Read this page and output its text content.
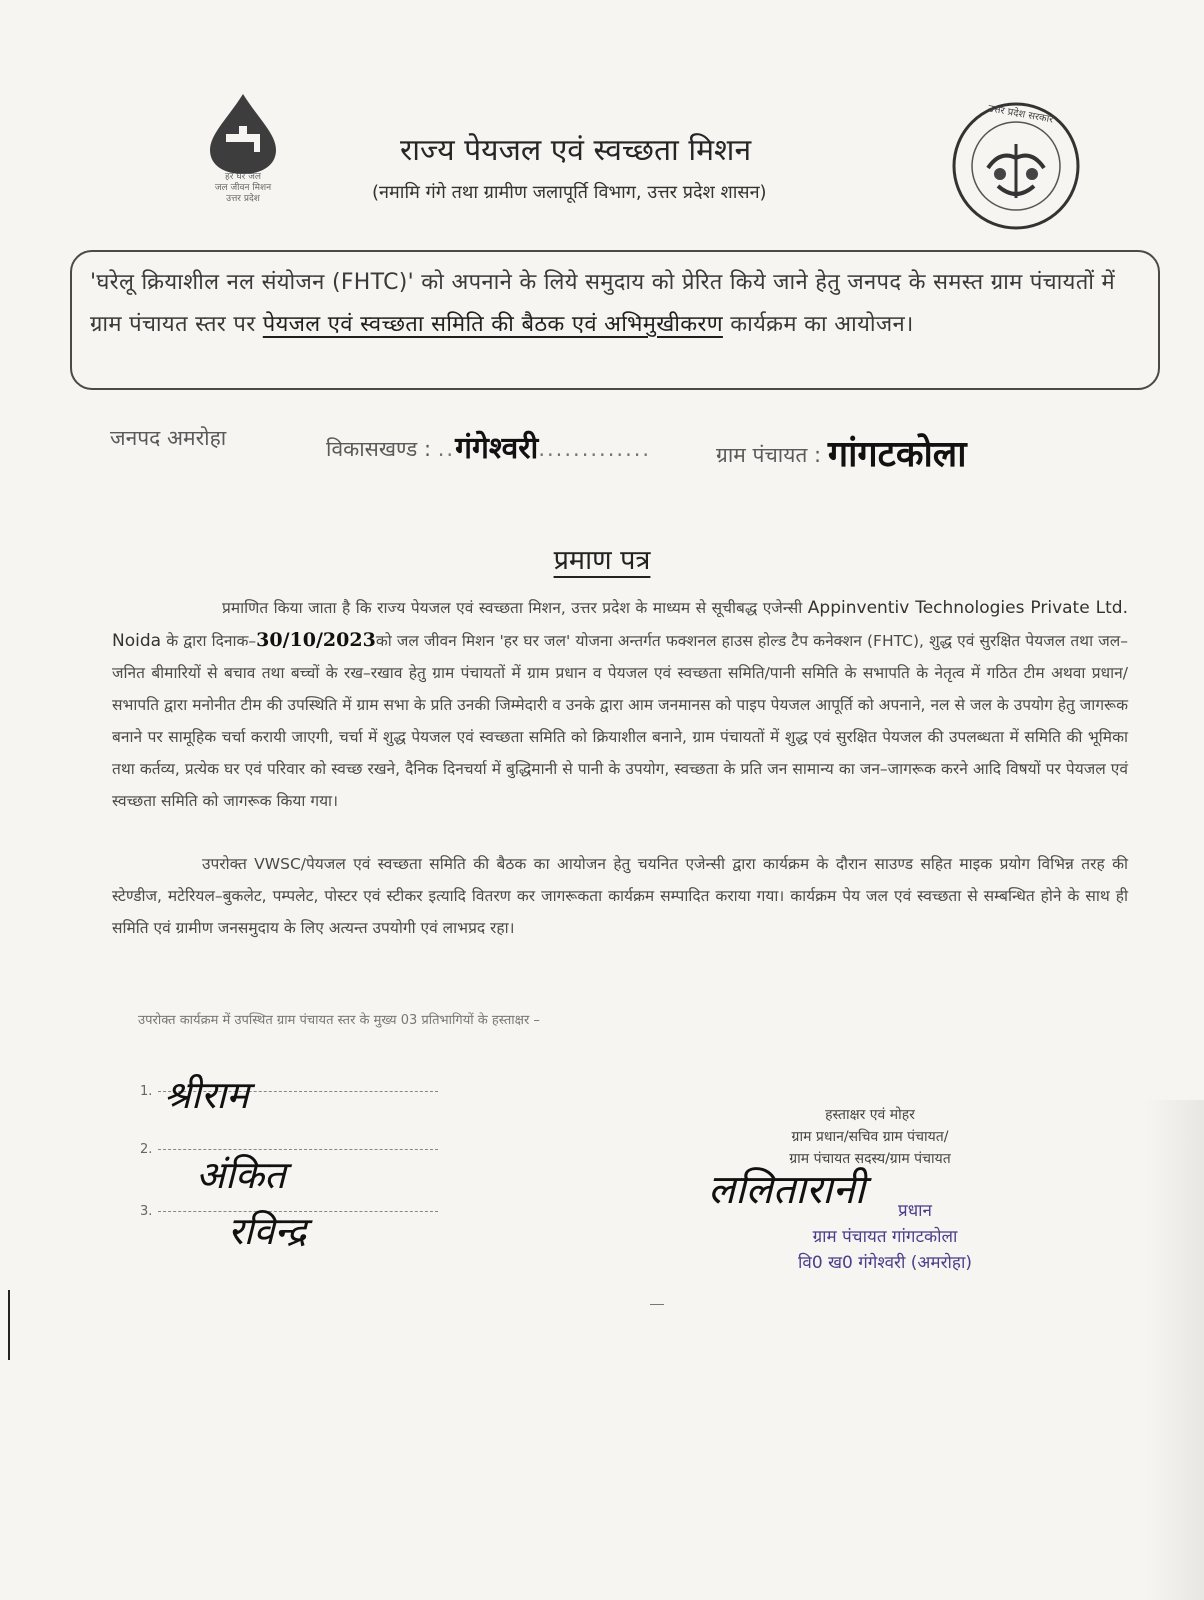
हर घर जल
जल जीवन मिशन
उत्तर प्रदेश
राज्य पेयजल एवं स्वच्छता मिशन
(नमामि गंगे तथा ग्रामीण जलापूर्ति विभाग, उत्तर प्रदेश शासन)
उत्तर प्रदेश सरकार
'घरेलू क्रियाशील नल संयोजन (FHTC)' को अपनाने के लिये समुदाय को प्रेरित किये जाने हेतु जनपद के समस्त ग्राम पंचायतों में ग्राम पंचायत स्तर पर पेयजल एवं स्वच्छता समिति की बैठक एवं अभिमुखीकरण कार्यक्रम का आयोजन।
जनपद अमरोहा	विकासखण्ड : ..गंगेश्वरी.............	ग्राम पंचायत : गांगटकोला
प्रमाण पत्र
प्रमाणित किया जाता है कि राज्य पेयजल एवं स्वच्छता मिशन, उत्तर प्रदेश के माध्यम से सूचीबद्ध एजेन्सी Appinventiv Technologies Private Ltd. Noida के द्वारा दिनाक–30/10/2023को जल जीवन मिशन 'हर घर जल' योजना अन्तर्गत फक्शनल हाउस होल्ड टैप कनेक्शन (FHTC), शुद्ध एवं सुरक्षित पेयजल तथा जल–जनित बीमारियों से बचाव तथा बच्चों के रख–रखाव हेतु ग्राम पंचायतों में ग्राम प्रधान व पेयजल एवं स्वच्छता समिति/पानी समिति के सभापति के नेतृत्व में गठित टीम अथवा प्रधान/सभापति द्वारा मनोनीत टीम की उपस्थिति में ग्राम सभा के प्रति उनकी जिम्मेदारी व उनके द्वारा आम जनमानस को पाइप पेयजल आपूर्ति को अपनाने, नल से जल के उपयोग हेतु जागरूक बनाने पर सामूहिक चर्चा करायी जाएगी, चर्चा में शुद्ध पेयजल एवं स्वच्छता समिति को क्रियाशील बनाने, ग्राम पंचायतों में शुद्ध एवं सुरक्षित पेयजल की उपलब्धता में समिति की भूमिका तथा कर्तव्य, प्रत्येक घर एवं परिवार को स्वच्छ रखने, दैनिक दिनचर्या में बुद्धिमानी से पानी के उपयोग, स्वच्छता के प्रति जन सामान्य का जन–जागरूक करने आदि विषयों पर पेयजल एवं स्वच्छता समिति को जागरूक किया गया।
उपरोक्त VWSC/पेयजल एवं स्वच्छता समिति की बैठक का आयोजन हेतु चयनित एजेन्सी द्वारा कार्यक्रम के दौरान साउण्ड सहित माइक प्रयोग विभिन्न तरह की स्टेण्डीज, मटेरियल–बुकलेट, पम्पलेट, पोस्टर एवं स्टीकर इत्यादि वितरण कर जागरूकता कार्यक्रम सम्पादित कराया गया। कार्यक्रम पेय जल एवं स्वच्छता से सम्बन्धित होने के साथ ही समिति एवं ग्रामीण जनसमुदाय के लिए अत्यन्त उपयोगी एवं लाभप्रद रहा।
उपरोक्त कार्यक्रम में उपस्थित ग्राम पंचायत स्तर के मुख्य 03 प्रतिभागियों के हस्ताक्षर –
1. श्रीराम
2.
अंकित
3.	रविन्द्र
हस्ताक्षर एवं मोहर
ग्राम प्रधान/सचिव ग्राम पंचायत/
ग्राम पंचायत सदस्य/ग्राम पंचायत
ललितारानी	प्रधान
ग्राम पंचायत गांगटकोला
वि0 ख0 गंगेश्वरी (अमरोहा)
